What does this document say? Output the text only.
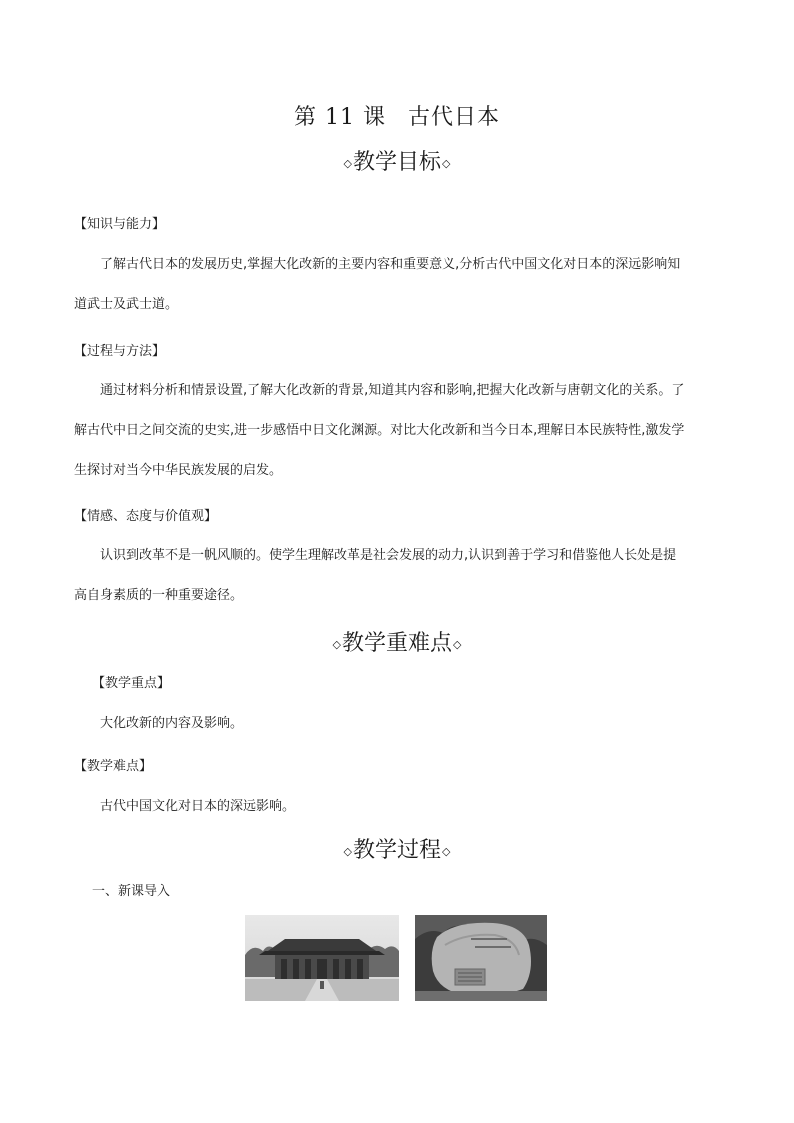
第 11 课 古代日本
◇教学目标◇
【知识与能力】
了解古代日本的发展历史,掌握大化改新的主要内容和重要意义,分析古代中国文化对日本的深远影响知
道武士及武士道。
【过程与方法】
通过材料分析和情景设置,了解大化改新的背景,知道其内容和影响,把握大化改新与唐朝文化的关系。了
解古代中日之间交流的史实,进一步感悟中日文化渊源。对比大化改新和当今日本,理解日本民族特性,激发学
生探讨对当今中华民族发展的启发。
【情感、态度与价值观】
认识到改革不是一帆风顺的。使学生理解改革是社会发展的动力,认识到善于学习和借鉴他人长处是提
高自身素质的一种重要途径。
◇教学重难点◇
【教学重点】
大化改新的内容及影响。
【教学难点】
古代中国文化对日本的深远影响。
◇教学过程◇
一、新课导入
